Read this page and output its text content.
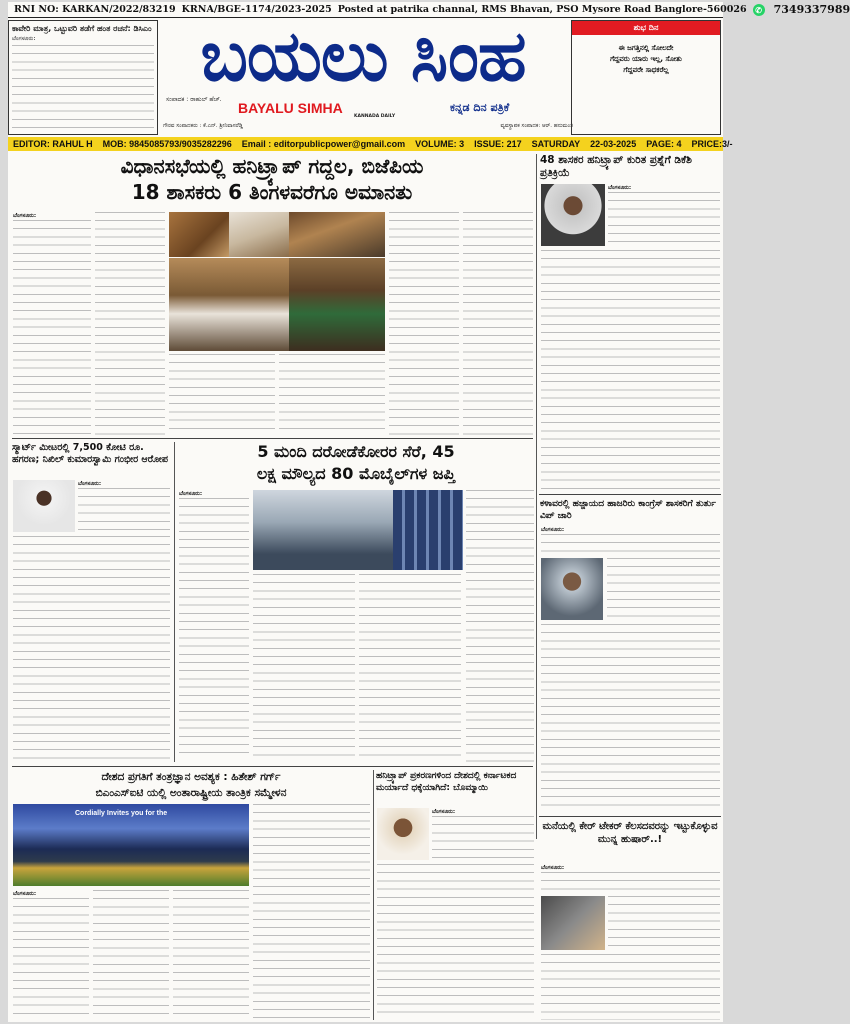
RNI NO: KARKAN/2022/83219 KRNA/BGE-1174/2023-2025 Posted at patrika channal, RMS Bhavan, PSO Mysore Road Banglore-560026	✆ 7349337989
ಕಾವೇರಿ ಮಾತ್ರ, ಒಟ್ಟುವರಿ ತಡೆಗೆ ಹಂತ ರಚನೆ: ಡಿಸಿಎಂ
ಬೆಂಗಳೂರು:	ಬಯಲು ಸಿಂಹ
ಸಂಪಾದಕ : ರಾಹುಲ್ ಹೆಚ್.
BAYALU SIMHA
KANNADA DAILY
ಕನ್ನಡ ದಿನ ಪತ್ರಿಕೆ
ಗೌರವ ಸಂಪಾದಕರು : ಕೆ.ಎನ್. ಶ್ರೀನಿವಾಸರೆಡ್ಡಿ	ವ್ಯವಸ್ಥಾಪಕ ಸಂಪಾದಕ: ಆರ್. ಹನುಮಂತ
ಶುಭ ದಿನ
ಈ ಜಗತ್ತಿನಲ್ಲಿ ಸೋಲದೇ
ಗೆದ್ದವರು ಯಾರು ಇಲ್ಲ, ಸೋತು
ಗೆದ್ದವರೇ ಸಾಧಕರೆಲ್ಲ
EDITOR: RAHUL H MOB: 9845085793/9035282296 Email : editorpublicpower@gmail.com VOLUME: 3 ISSUE: 217 SATURDAY 22-03-2025 PAGE: 4 PRICE:3/-
ವಿಧಾನಸಭೆಯಲ್ಲಿ ಹನಿಟ್ರ್ಯಾಪ್ ಗದ್ದಲ, ಬಿಜೆಪಿಯ
18 ಶಾಸಕರು 6 ತಿಂಗಳವರೆಗೂ ಅಮಾನತು
ಬೆಂಗಳೂರು:
48 ಶಾಸಕರ ಹನಿಟ್ರ್ಯಾಪ್ ಕುರಿತ ಪ್ರಶ್ನೆಗೆ ಡಿಕೆಶಿ ಪ್ರತಿಕ್ರಿಯೆ
ಬೆಂಗಳೂರು:
ಸ್ಮಾರ್ಟ್ ಮೀಟರಲ್ಲಿ 7,500 ಕೋಟಿ ರೂ. ಹಗರಣ; ನಿಖಿಲ್ ಕುಮಾರಸ್ವಾಮಿ ಗಂಭೀರ ಆರೋಪ
ಬೆಂಗಳೂರು:
5 ಮಂದಿ ದರೋಡೆಕೋರರ ಸೆರೆ, 45
ಲಕ್ಷ ಮೌಲ್ಯದ 80 ಮೊಬೈಲ್‌ಗಳ ಜಪ್ತಿ
ಬೆಂಗಳೂರು:
ಕಳಾವರಲ್ಲಿ ಹಜ್ಜಾಯದ ಹಾಜರಿರು ಕಾಂಗ್ರೆಸ್ ಶಾಸಕರಿಗೆ ತುರ್ತು ವಿಪ್ ಜಾರಿ
ಬೆಂಗಳೂರು:
ದೇಶದ ಪ್ರಗತಿಗೆ ತಂತ್ರಜ್ಞಾನ ಅವಶ್ಯಕ : ಹಿತೇಶ್ ಗರ್ಗ್
ಬಿಎಂಎಸ್‌ಐಟಿ ಯಲ್ಲಿ ಅಂತಾರಾಷ್ಟ್ರೀಯ ತಾಂತ್ರಿಕ ಸಮ್ಮೇಳನ
Cordially Invites you for the
ಬೆಂಗಳೂರು:
ಹನಿಟ್ರ್ಯಾಪ್ ಪ್ರಕರಣಗಳಿಂದ ದೇಶದಲ್ಲಿ ಕರ್ನಾಟಕದ ಮರ್ಯಾದೆ ಧಕ್ಕೆಯಾಗಿದೆ: ಬೊಮ್ಮಾಯಿ
ಬೆಂಗಳೂರು:
ಮನೆಯಲ್ಲಿ ಕೇರ್ ಟೇಕರ್ ಕೆಲಸದವರನ್ನು ಇಟ್ಟುಕೊಳ್ಳುವ ಮುನ್ನ ಹುಷಾರ್..!
ಬೆಂಗಳೂರು:
